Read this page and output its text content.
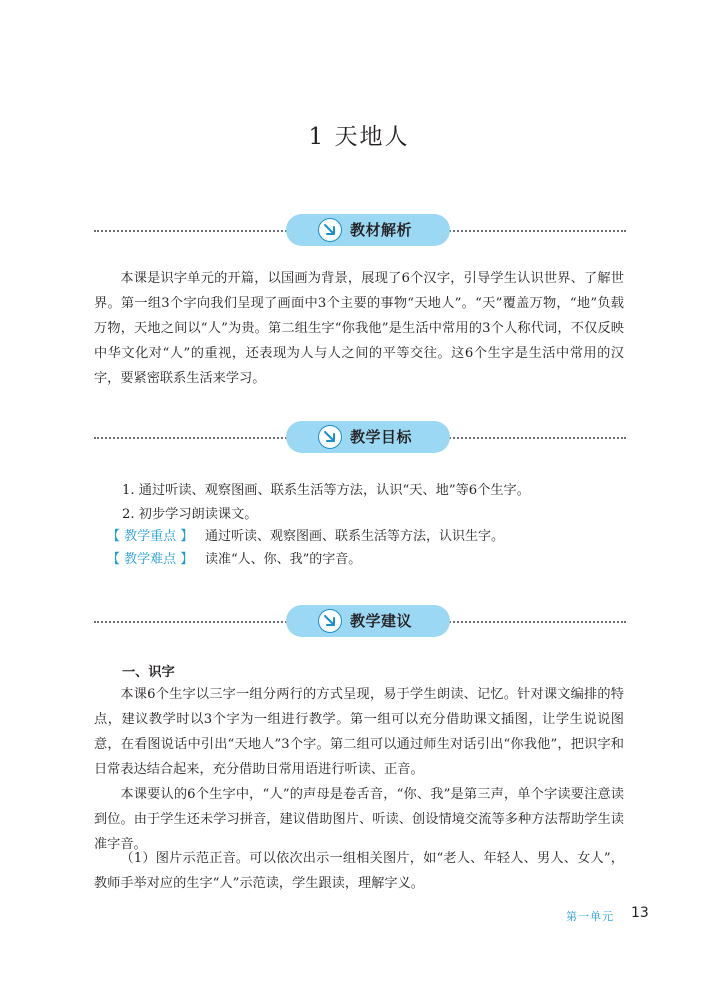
1 天地人
教材解析

本课是识字单元的开篇，以国画为背景，展现了6个汉字，引导学生认识世界、了解世界。第一组3个字向我们呈现了画面中3个主要的事物“天地人”。“天”覆盖万物，“地”负载万物，天地之间以“人”为贵。第二组生字“你我他”是生活中常用的3个人称代词，不仅反映中华文化对“人”的重视，还表现为人与人之间的平等交往。这6个生字是生活中常用的汉字，要紧密联系生活来学习。

教学目标
1. 通过听读、观察图画、联系生活等方法，认识“天、地”等6个生字。
2. 初步学习朗读课文。
【 教学重点 】 通过听读、观察图画、联系生活等方法，认识生字。
【 教学难点 】 读准“人、你、我”的字音。
教学建议
一、识字

本课6个生字以三字一组分两行的方式呈现，易于学生朗读、记忆。针对课文编排的特点，建议教学时以3个字为一组进行教学。第一组可以充分借助课文插图，让学生说说图意，在看图说话中引出“天地人”3个字。第二组可以通过师生对话引出“你我他”，把识字和日常表达结合起来，充分借助日常用语进行听读、正音。

本课要认的6个生字中，“人”的声母是卷舌音，“你、我”是第三声，单个字读要注意读到位。由于学生还未学习拼音，建议借助图片、听读、创设情境交流等多种方法帮助学生读准字音。

（1）图片示范正音。可以依次出示一组相关图片，如“老人、年轻人、男人、女人”，教师手举对应的生字“人”示范读，学生跟读，理解字义。

第一单元 13
